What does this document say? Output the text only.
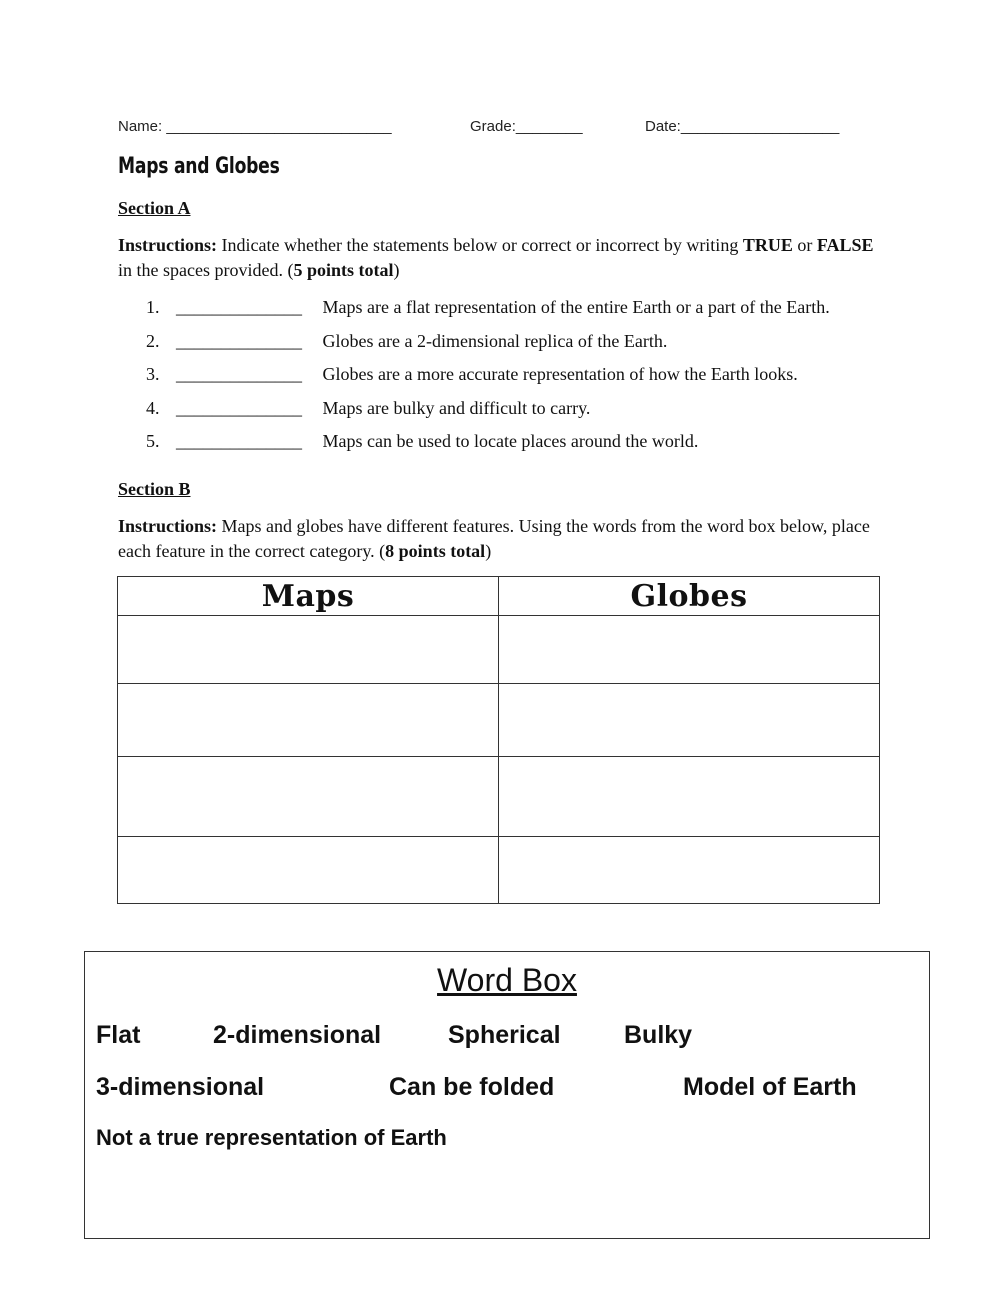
Name: ___________________________	Grade:________	Date:___________________
Maps and Globes
Section A
Instructions: Indicate whether the statements below or correct or incorrect by writing TRUE or FALSE in the spaces provided. (5 points total)
1. ______________ Maps are a flat representation of the entire Earth or a part of the Earth.
2. ______________ Globes are a 2-dimensional replica of the Earth.
3. ______________ Globes are a more accurate representation of how the Earth looks.
4. ______________ Maps are bulky and difficult to carry.
5. ______________ Maps can be used to locate places around the world.
Section B
Instructions: Maps and globes have different features. Using the words from the word box below, place each feature in the correct category. (8 points total)
Maps	Globes

Word Box
Flat	2-dimensional	Spherical	Bulky
3-dimensional	Can be folded	Model of Earth
Not a true representation of Earth
